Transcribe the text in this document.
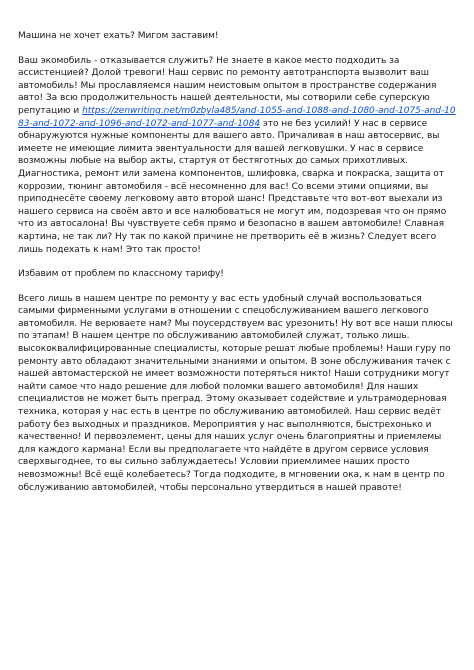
Машина не хочет ехать? Мигом заставим!

Ваш экомобиль - отказывается служить? Не знаете в какое место подходить за ассистенцией? Долой тревоги! Наш сервис по ремонту автотранспорта вызволит ваш автомобиль! Мы прославляемся нашим неистовым опытом в пространстве содержания авто! За всю продолжительность нашей деятельности, мы сотворили себе суперскую репутацию и https://zenwriting.net/m0zbyla485/and-1055-and-1088-and-1080-and-1075-and-1083-and-1072-and-1096-and-1072-and-1077-and-1084 это не без усилий! У нас в сервисе обнаружуются нужные компоненты для вашего авто. Причаливая в наш автосервис, вы имеете не имеющие лимита эвентуальности для вашей легковушки. У нас в сервисе возможны любые на выбор акты, стартуя от бестяготных до самых прихотливых. Диагностика, ремонт или замена компонентов, шлифовка, сварка и покраска, защита от коррозии, тюнинг автомобиля - всё несомненно для вас! Со всеми этими опциями, вы приподнесёте своему легковому авто второй шанс! Представьте что вот-вот выехали из нашего сервиса на своём авто и все налюбоваться не могут им, подозревая что он прямо что из автосалона! Вы чувствуете себя прямо и безопасно в вашем автомобиле! Славная картина, не так ли? Ну так по какой причине не претворить её в жизнь? Следует всего лишь подехать к нам! Это так просто!

Избавим от проблем по классному тарифу!

Всего лишь в нашем центре по ремонту у вас есть удобный случай воспользоваться самыми фирменными услугами в отношении с спецобслуживанием вашего легкового автомобиля. Не верюваете нам? Мы поусердствуем вас урезонить! Ну вот все наши плюсы по этапам! В нашем центре по обслуживанию автомобилей служат, только лишь. высококвалифицированные специалисты, которые решат любые проблемы! Наши гуру по ремонту авто обладают значительными знаниями и опытом. В зоне обслуживания тачек с нашей автомастерской не имеет возможности потеряться никто! Наши сотрудники могут найти самое что надо решение для любой поломки вашего автомобиля! Для наших специалистов не может быть преград. Этому оказывает содействие и ультрамодерновая техника, которая у нас есть в центре по обслуживанию автомобилей. Наш сервис ведёт работу без выходных и праздников. Мероприятия у нас выполняются, быстрехонько и качественно! И первоэлемент, цены для наших услуг очень благоприятны и приемлемы для каждого кармана! Если вы предполагаете что найдёте в другом сервисе условия сверхвыгоднее, то вы сильно заблуждаетесь! Условии приемлимее наших просто невозможны! Всё ещё колебаетесь? Тогда подходите, в мгновении ока, к нам в центр по обслуживанию автомобилей, чтобы персонально утвердиться в нашей правоте!
